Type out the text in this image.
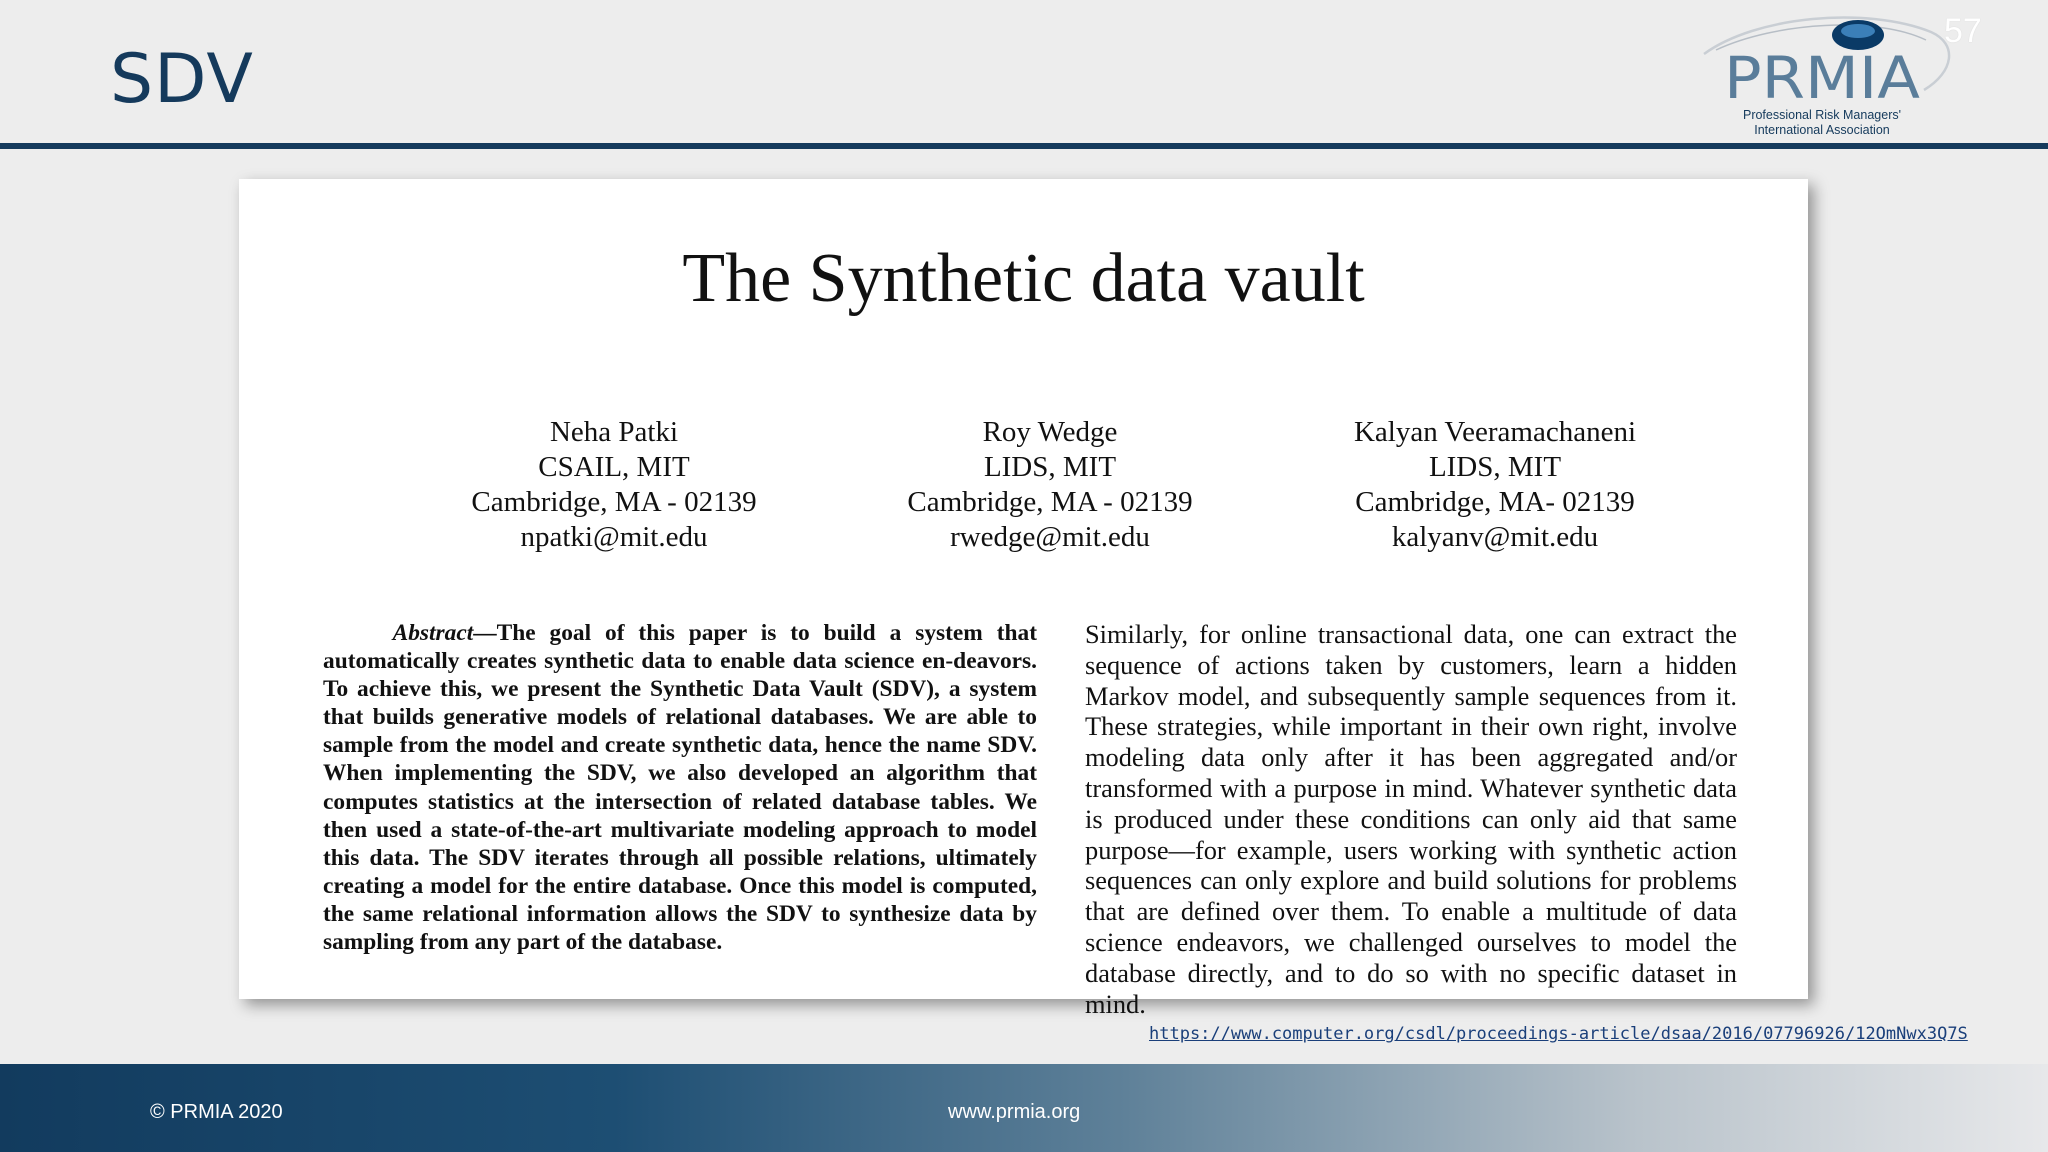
SDV	PRMIA
Professional Risk Managers'
International Association
57
The Synthetic data vault
Neha Patki
CSAIL, MIT
Cambridge, MA - 02139
npatki@mit.edu
Roy Wedge
LIDS, MIT
Cambridge, MA - 02139
rwedge@mit.edu
Kalyan Veeramachaneni
LIDS, MIT
Cambridge, MA- 02139
kalyanv@mit.edu
Abstract—The goal of this paper is to build a system that automatically creates synthetic data to enable data science en-deavors. To achieve this, we present the Synthetic Data Vault (SDV), a system that builds generative models of relational databases. We are able to sample from the model and create synthetic data, hence the name SDV. When implementing the SDV, we also developed an algorithm that computes statistics at the intersection of related database tables. We then used a state-of-the-art multivariate modeling approach to model this data. The SDV iterates through all possible relations, ultimately creating a model for the entire database. Once this model is computed, the same relational information allows the SDV to synthesize data by sampling from any part of the database.
Similarly, for online transactional data, one can extract the sequence of actions taken by customers, learn a hidden Markov model, and subsequently sample sequences from it. These strategies, while important in their own right, involve modeling data only after it has been aggregated and/or transformed with a purpose in mind. Whatever synthetic data is produced under these conditions can only aid that same purpose—for example, users working with synthetic action sequences can only explore and build solutions for problems that are defined over them. To enable a multitude of data science endeavors, we challenged ourselves to model the database directly, and to do so with no specific dataset in mind.
https://www.computer.org/csdl/proceedings-article/dsaa/2016/07796926/12OmNwx3Q7S
© PRMIA 2020	www.prmia.org
